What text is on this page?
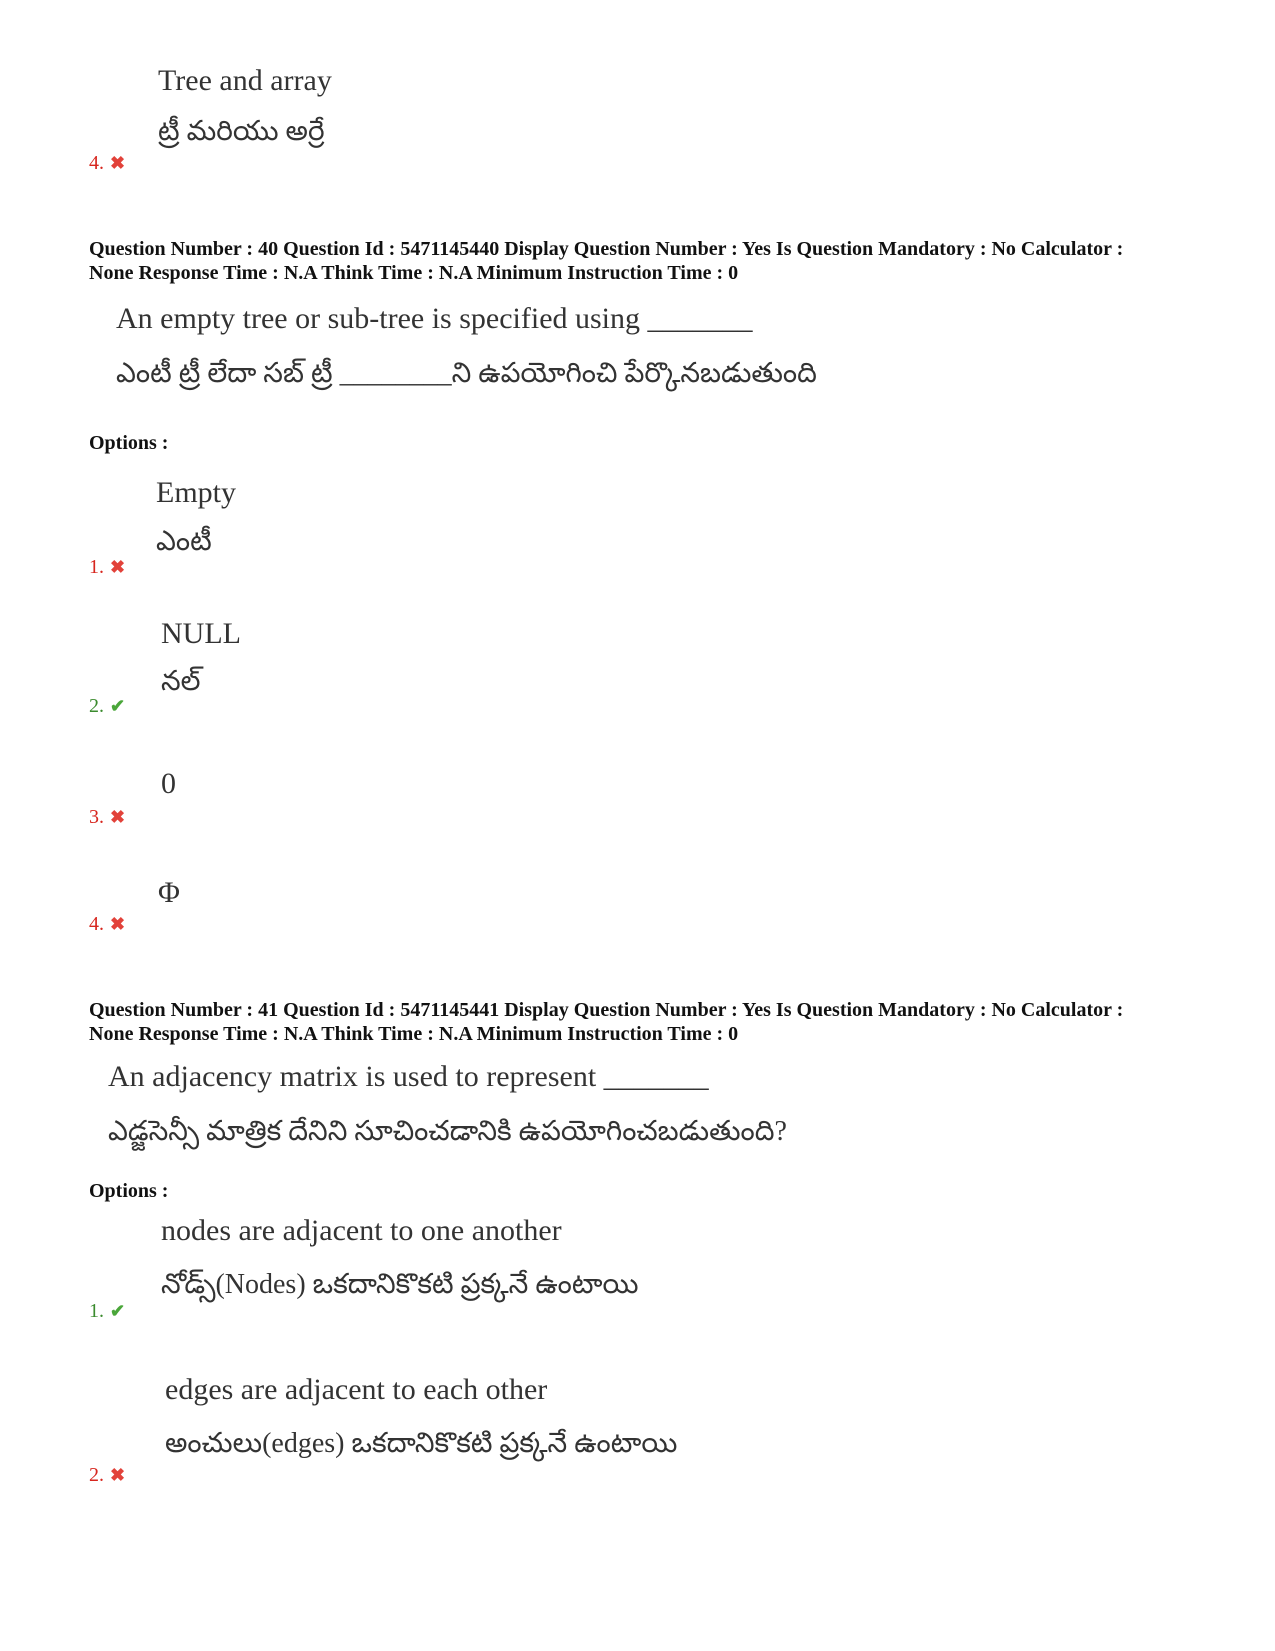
Tree and array
ట్రీ మరియు అర్రే
4. ✖
Question Number : 40 Question Id : 5471145440 Display Question Number : Yes Is Question Mandatory : No Calculator :
None Response Time : N.A Think Time : N.A Minimum Instruction Time : 0
An empty tree or sub-tree is specified using _______
ఎంటీ ట్రీ లేదా సబ్ ట్రీ ________ని ఉపయోగించి పేర్కొనబడుతుంది
Options :
Empty
ఎంటీ
1. ✖
NULL
నల్
2. ✔
0
3. ✖
Φ
4. ✖
Question Number : 41 Question Id : 5471145441 Display Question Number : Yes Is Question Mandatory : No Calculator :
None Response Time : N.A Think Time : N.A Minimum Instruction Time : 0
An adjacency matrix is used to represent _______
ఎడ్జసెన్సీ మాత్రిక దేనిని సూచించడానికి ఉపయోగించబడుతుంది?
Options :
nodes are adjacent to one another
నోడ్స్(Nodes) ఒకదానికొకటి ప్రక్కనే ఉంటాయి
1. ✔
edges are adjacent to each other
అంచులు(edges) ఒకదానికొకటి ప్రక్కనే ఉంటాయి
2. ✖
